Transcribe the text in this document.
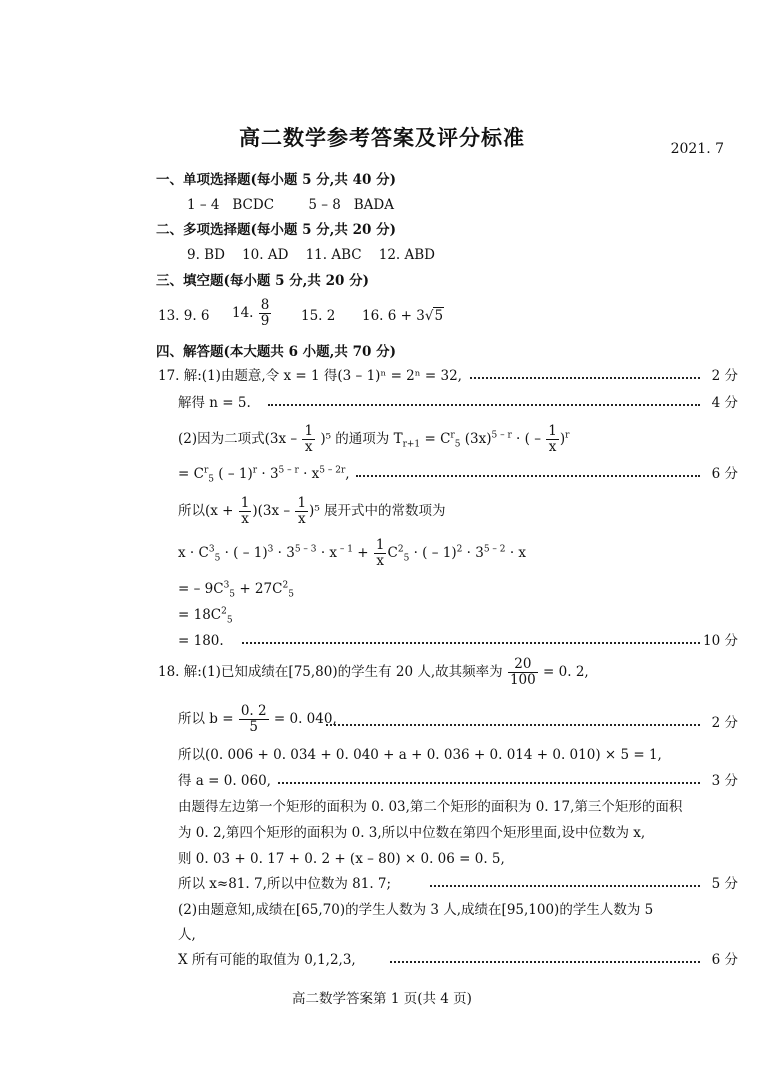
高二数学参考答案及评分标准	2021. 7
一、单项选择题(每小题 5 分,共 40 分)
1 – 4   BCDC        5 – 8   BADA
二、多项选择题(每小题 5 分,共 20 分)
9. BD    10. AD    11. ABC    12. ABD
三、填空题(每小题 5 分,共 20 分)
13. 9. 6 14. $\frac{8}{9} 15$. 2 16. 6 + 3√5
四、解答题(本大题共 6 小题,共 70 分)
17. 解:(1)由题意,令 x = 1 得(3 – 1)ⁿ = 2ⁿ = 32,	2 分
解得 n = 5.	4 分
(2)因为二项式$(3x - \frac{1}{x} )^5$ 的通项为 $T_{r+1} = C^r_5$ $(3x)^{5 - r}$ · ( – $\frac{1}{x} )^r$
= $C^r_5$ ( – $1)^r \cdot 3^{5 - r} \cdot x^{5 - 2r}$,	6 分
所以$(x + \frac{1}{x} )(3x - \frac{1}{x} )^5$ 展开式中的常数项为
$x \cdot C^3_5$ · ( – $1)^3 \cdot 3^{5 - 3} \cdot x$ $^{- 1} + \frac{1}{x} C^2_5$ · ( – $1)^2 \cdot 3^{5 - 2} \cdot x$
= – $9C^3_5 + 27C^2_5$
= $18C^2_5$
= 180.	10 分
18. 解:(1)已知成绩在[75,80)的学生有 20 人,故其频率为 $\frac{20}{100} = 0$. 2,
所以 $b = \frac{0. 2}{5} = 0$. 040,	2 分
所以(0. 006 + 0. 034 + 0. 040 + a + 0. 036 + 0. 014 + 0. 010) × 5 = 1,
得 a = 0. 060,	3 分
由题得左边第一个矩形的面积为 0. 03,第二个矩形的面积为 0. 17,第三个矩形的面积
为 0. 2,第四个矩形的面积为 0. 3,所以中位数在第四个矩形里面,设中位数为 x,
则 0. 03 + 0. 17 + 0. 2 + (x – 80) × 0. 06 = 0. 5,
所以 x≈81. 7,所以中位数为 81. 7;	5 分
(2)由题意知,成绩在[65,70)的学生人数为 3 人,成绩在[95,100)的学生人数为 5
人,
X 所有可能的取值为 0,1,2,3,	6 分
高二数学答案第 1 页(共 4 页)
